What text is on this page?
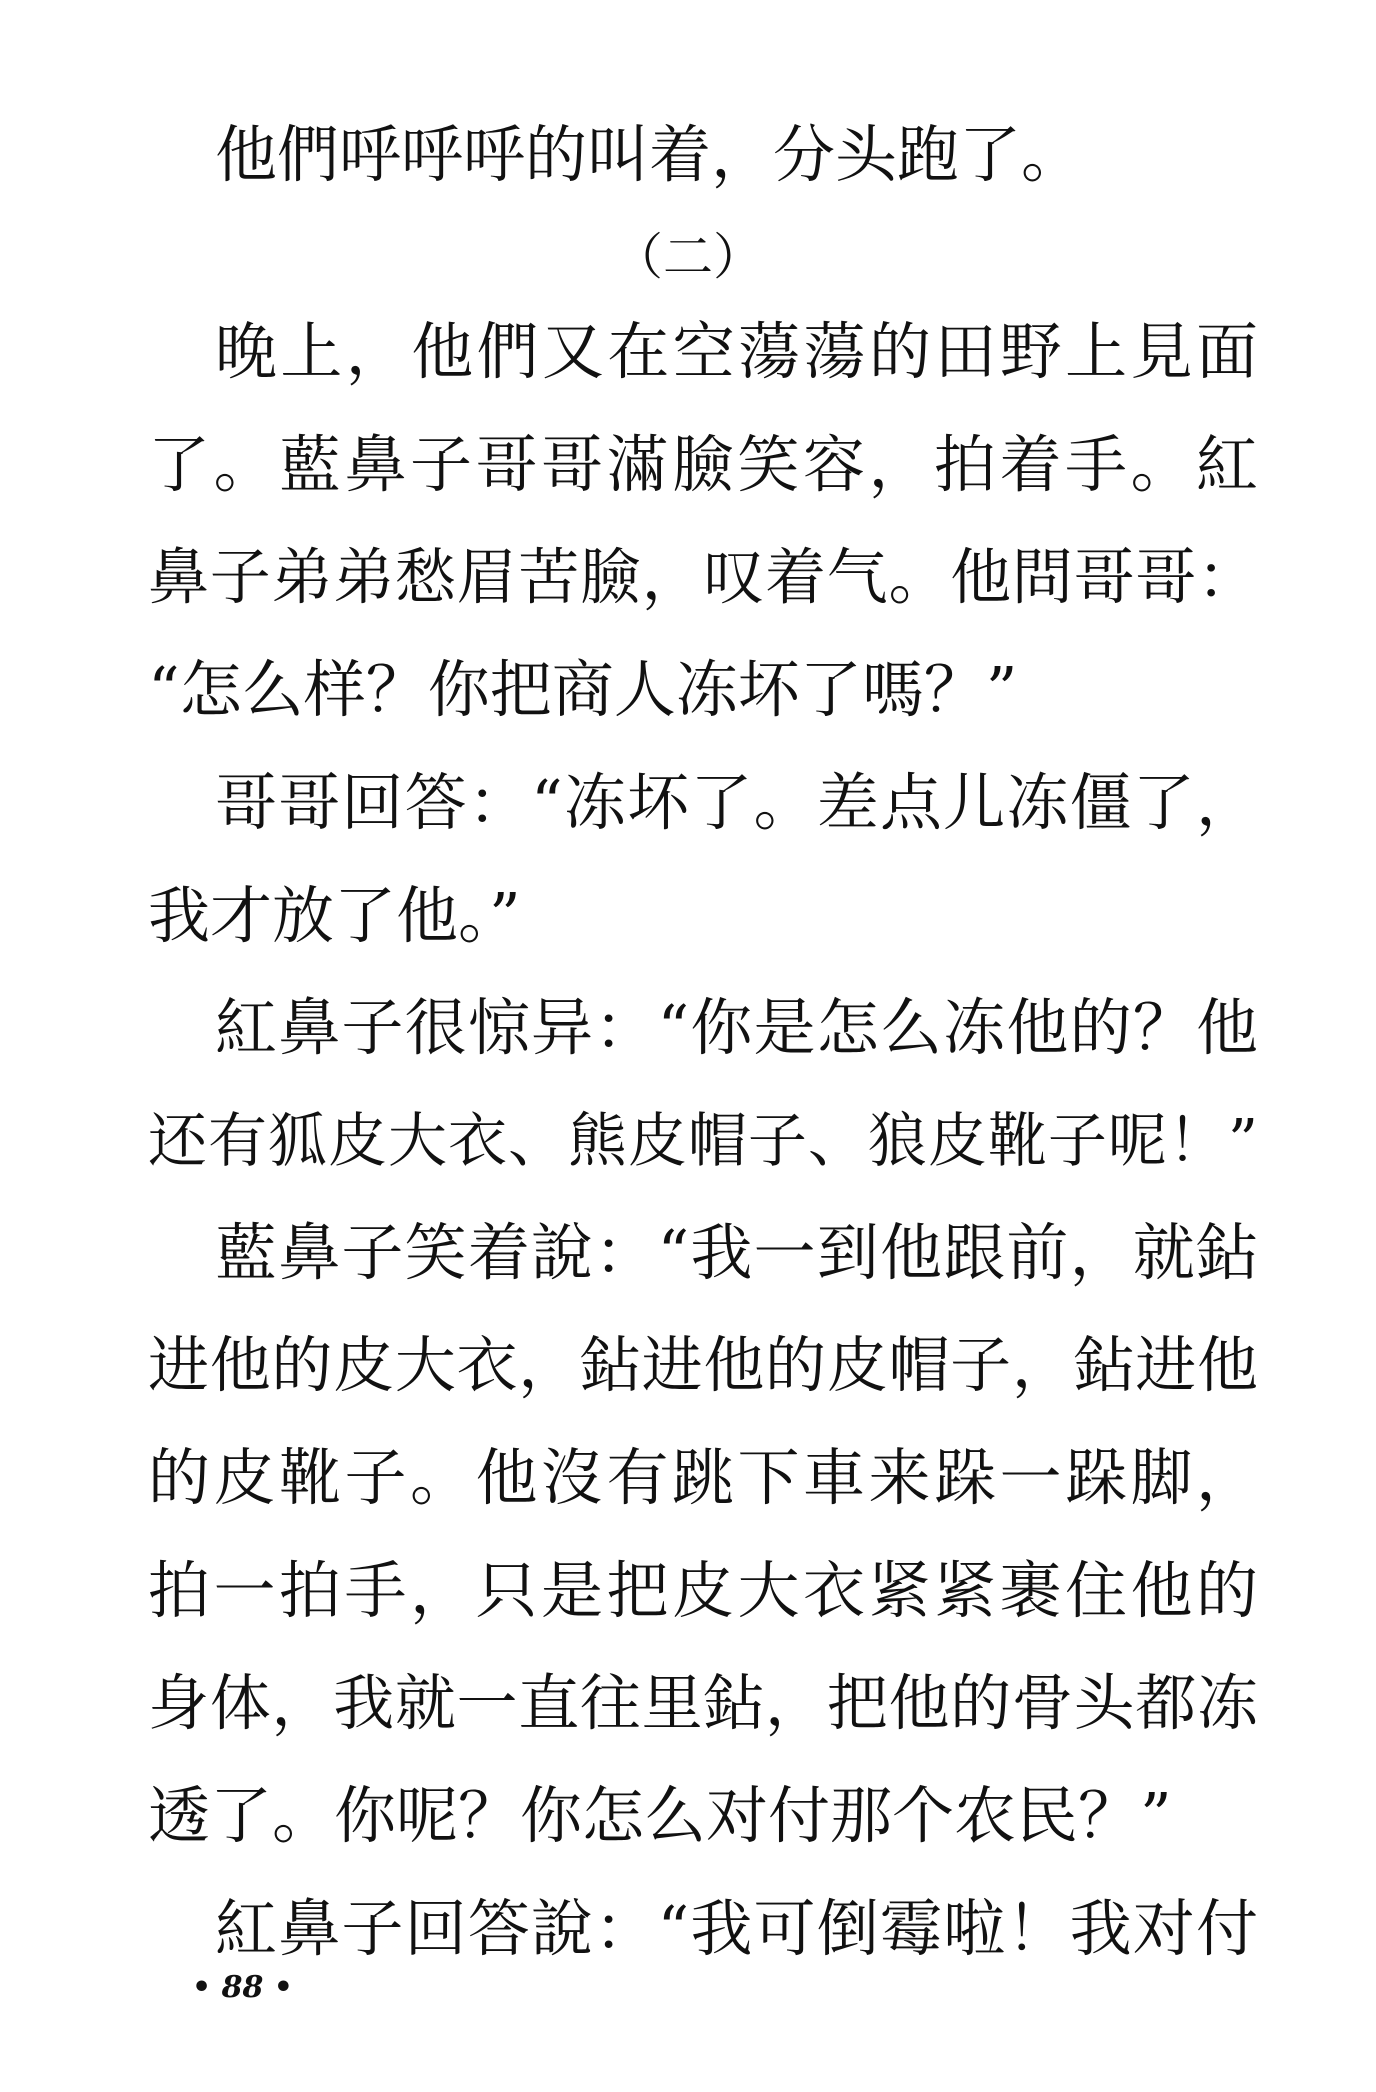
他們呼呼呼的叫着，分头跑了。
（二）
晚上，他們又在空蕩蕩的田野上見面
了。藍鼻子哥哥滿臉笑容，拍着手。紅
鼻子弟弟愁眉苦臉，叹着气。他問哥哥：
“怎么样？你把商人冻坏了嗎？”
哥哥回答：“冻坏了。差点儿冻僵了，
我才放了他。”
紅鼻子很惊异：“你是怎么冻他的？他
还有狐皮大衣、熊皮帽子、狼皮靴子呢！”
藍鼻子笑着說：“我一到他跟前，就鉆
进他的皮大衣，鉆进他的皮帽子，鉆进他
的皮靴子。他沒有跳下車来跺一跺脚，
拍一拍手，只是把皮大衣紧紧裹住他的
身体，我就一直往里鉆，把他的骨头都冻
透了。你呢？你怎么对付那个农民？”
紅鼻子回答說：“我可倒霉啦！我对付
• 88 •
